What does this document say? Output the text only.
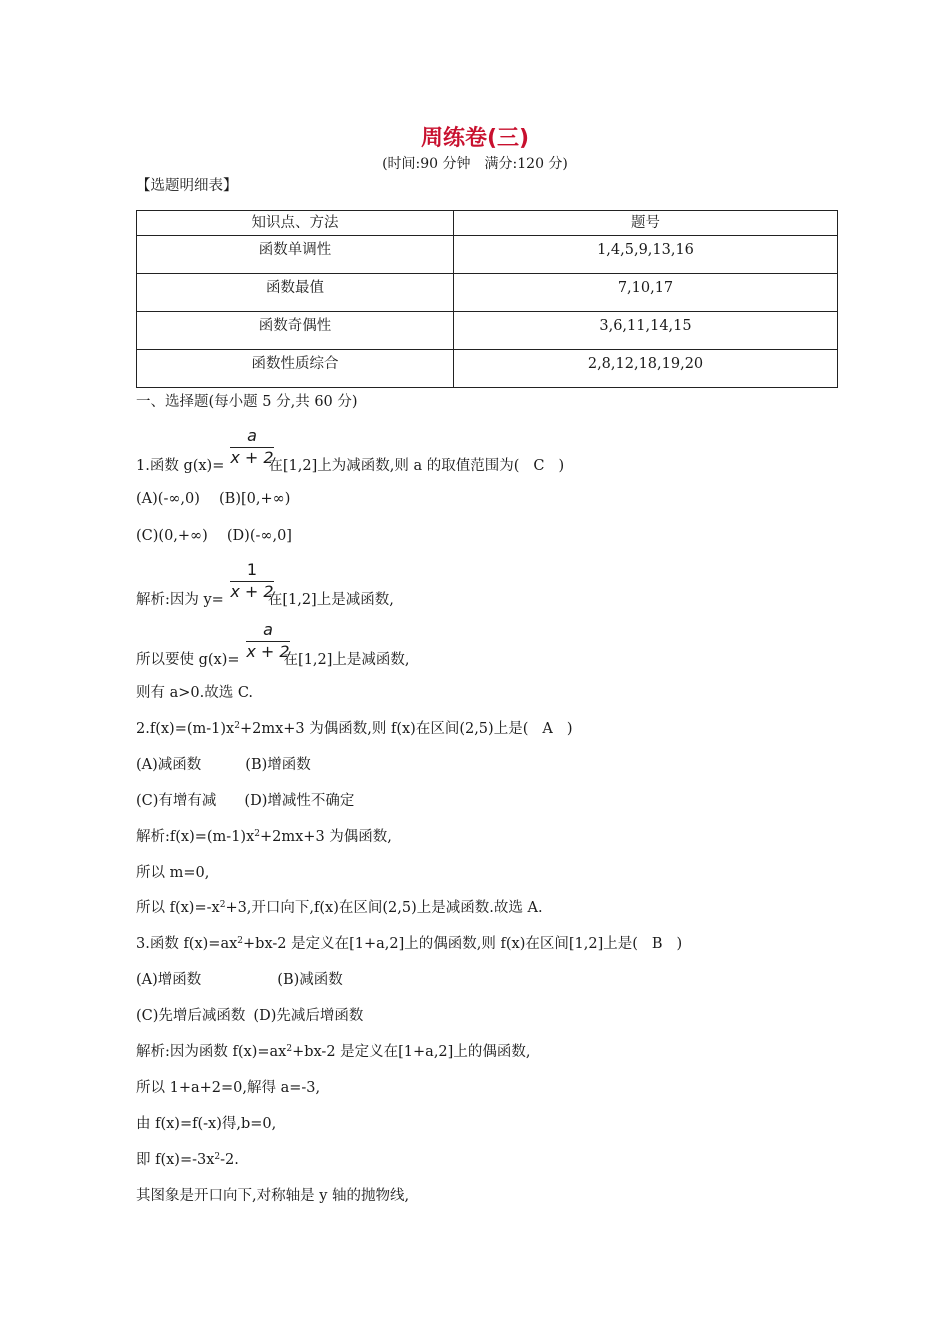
周练卷(三)
(时间:90 分钟　满分:120 分)
【选题明细表】
知识点、方法	题号
函数单调性	1,4,5,9,13,16
函数最值	7,10,17
函数奇偶性	3,6,11,14,15
函数性质综合	2,8,12,18,19,20
一、选择题(每小题 5 分,共 60 分)
a
x + 2
1.函数 g(x)=	在[1,2]上为减函数,则 a 的取值范围为( C )
(A)(-∞,0)　 (B)[0,+∞)
(C)(0,+∞)　 (D)(-∞,0]
1
x + 2
解析:因为 y=	在[1,2]上是减函数,
a
x + 2
所以要使 g(x)=	在[1,2]上是减函数,
则有 a>0.故选 C.
$2.f(x)=(m-1)x^2+2mx+3$ 为偶函数,则 f(x)在区间(2,5)上是( A )
(A)减函数	(B)增函数
(C)有增有减 (D)增减性不确定
解析$:f(x)=(m-1)x^2+2mx+3$ 为偶函数,
所以 m=0,
所以 $f(x)=-x^2+3$,开口向下,f(x)在区间(2,5)上是减函数.故选 A.
3.函数 $f(x)=ax^2+bx-2$ 是定义在[1+a,2]上的偶函数,则 f(x)在区间[1,2]上是( B )
(A)增函数	(B)减函数
(C)先增后减函数 (D)先减后增函数
解析:因为函数 $f(x)=ax^2+bx-2$ 是定义在[1+a,2]上的偶函数,
所以 1+a+2=0,解得 a=-3,
由 f(x)=f(-x)得,b=0,
即 $f(x)=-3x^2-2$.
其图象是开口向下,对称轴是 y 轴的抛物线,
